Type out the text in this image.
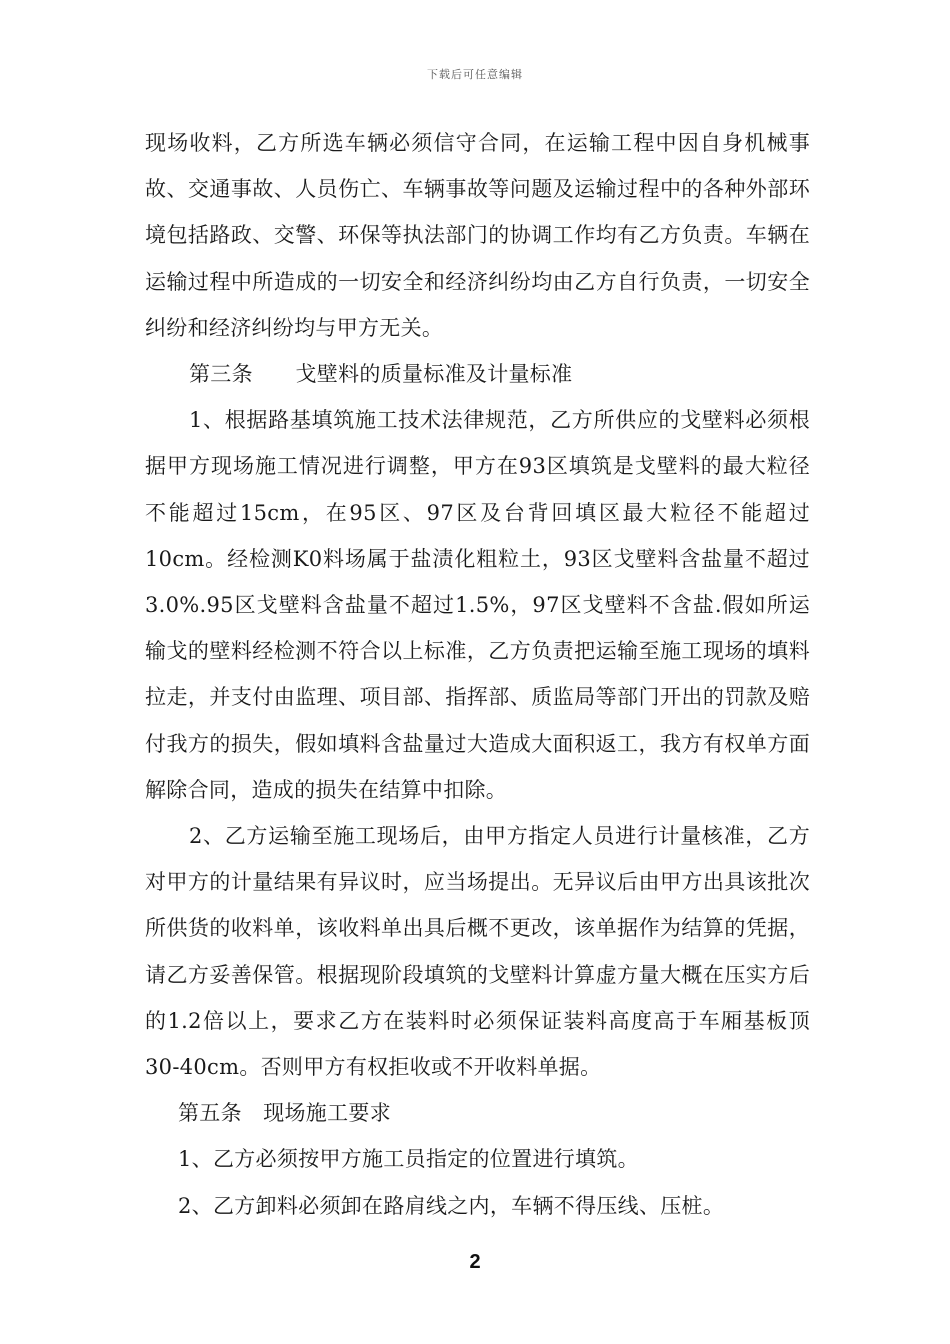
下载后可任意编辑

现场收料，乙方所选车辆必须信守合同，在运输工程中因自身机械事故、交通事故、人员伤亡、车辆事故等问题及运输过程中的各种外部环境包括路政、交警、环保等执法部门的协调工作均有乙方负责。车辆在运输过程中所造成的一切安全和经济纠纷均由乙方自行负责，一切安全纠纷和经济纠纷均与甲方无关。

第三条　　戈壁料的质量标准及计量标准

1、根据路基填筑施工技术法律规范，乙方所供应的戈壁料必须根据甲方现场施工情况进行调整，甲方在93区填筑是戈壁料的最大粒径不能超过15cm，在95区、97区及台背回填区最大粒径不能超过10cm。经检测K0料场属于盐渍化粗粒土，93区戈壁料含盐量不超过3.0%.95区戈壁料含盐量不超过1.5%，97区戈壁料不含盐.假如所运输戈的壁料经检测不符合以上标准，乙方负责把运输至施工现场的填料拉走，并支付由监理、项目部、指挥部、质监局等部门开出的罚款及赔付我方的损失，假如填料含盐量过大造成大面积返工，我方有权单方面解除合同，造成的损失在结算中扣除。

2、乙方运输至施工现场后，由甲方指定人员进行计量核准，乙方对甲方的计量结果有异议时，应当场提出。无异议后由甲方出具该批次所供货的收料单，该收料单出具后概不更改，该单据作为结算的凭据，请乙方妥善保管。根据现阶段填筑的戈壁料计算虚方量大概在压实方后的1.2倍以上，要求乙方在装料时必须保证装料高度高于车厢基板顶30-40cm。否则甲方有权拒收或不开收料单据。

第五条　现场施工要求

1、乙方必须按甲方施工员指定的位置进行填筑。

2、乙方卸料必须卸在路肩线之内，车辆不得压线、压桩。

2
